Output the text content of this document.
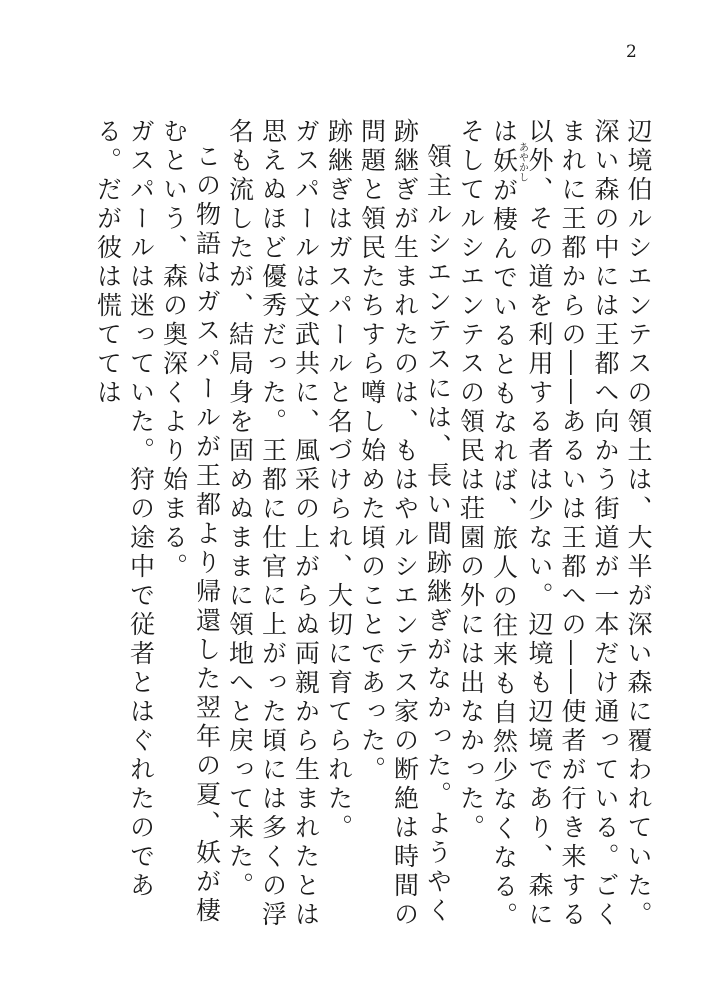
2

辺境伯ルシエンテスの領土は、大半が深い森に覆われていた。深い森の中には王都へ向かう街道が一本だけ通っている。ごくまれに王都からの――あるいは王都への――使者が行き来する以外、その道を利用する者は少ない。辺境も辺境であり、森には妖あやかしが棲んでいるともなれば、旅人の往来も自然少なくなる。そしてルシエンテスの領民は荘園の外には出なかった。

領主ルシエンテスには、長い間跡継ぎがなかった。ようやく跡継ぎが生まれたのは、もはやルシエンテス家の断絶は時間の問題と領民たちすら噂し始めた頃のことであった。

跡継ぎはガスパールと名づけられ、大切に育てられた。

ガスパールは文武共に、風采の上がらぬ両親から生まれたとは思えぬほど優秀だった。王都に仕官に上がった頃には多くの浮名も流したが、結局身を固めぬままに領地へと戻って来た。

この物語はガスパールが王都より帰還した翌年の夏、妖が棲むという、森の奥深くより始まる。

ガスパールは迷っていた。狩の途中で従者とはぐれたのである。だが彼は慌てては
